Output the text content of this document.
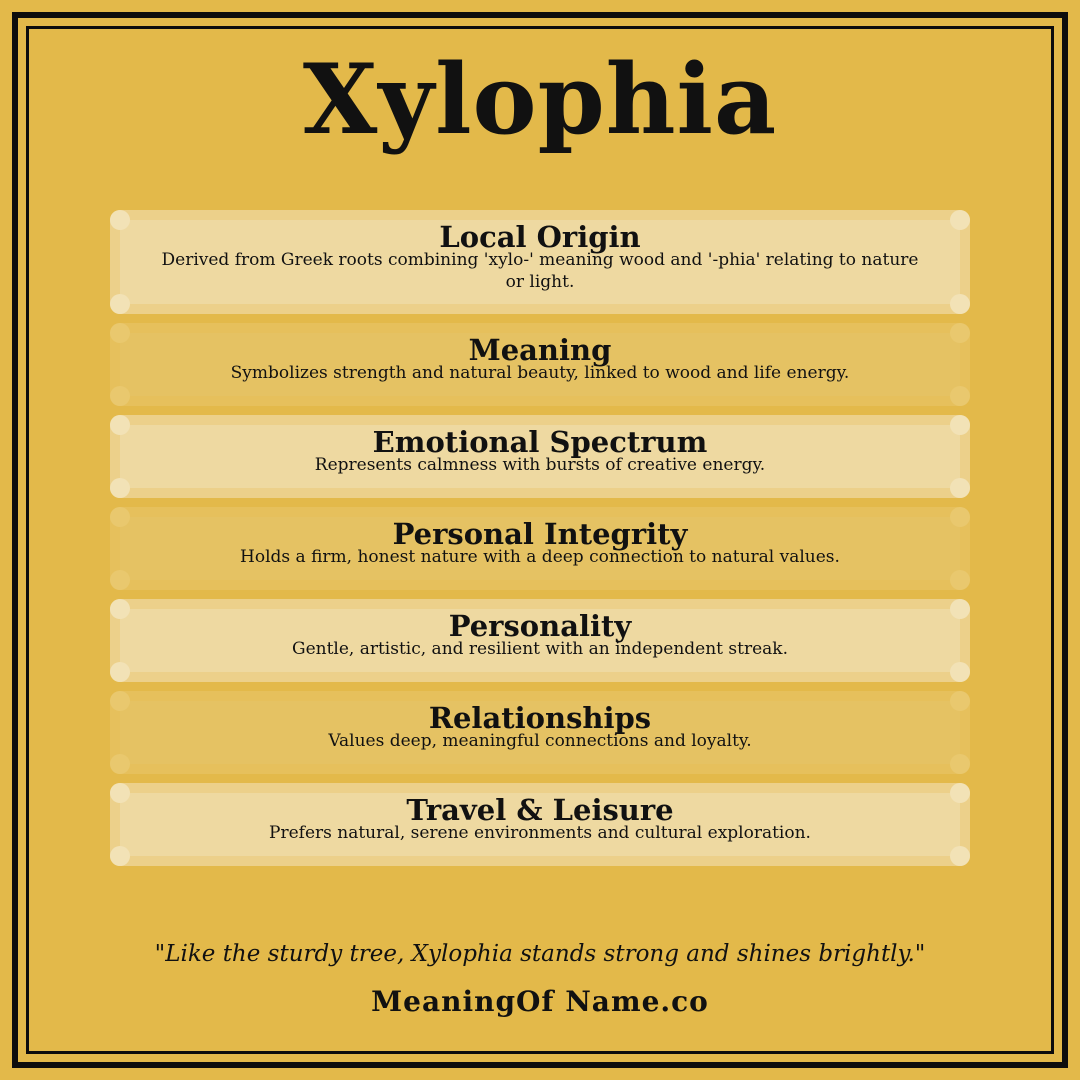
Xylophia
Local Origin
Derived from Greek roots combining 'xylo-' meaning wood and '-phia' relating to nature or light.
Meaning
Symbolizes strength and natural beauty, linked to wood and life energy.
Emotional Spectrum
Represents calmness with bursts of creative energy.
Personal Integrity
Holds a firm, honest nature with a deep connection to natural values.
Personality
Gentle, artistic, and resilient with an independent streak.
Relationships
Values deep, meaningful connections and loyalty.
Travel & Leisure
Prefers natural, serene environments and cultural exploration.
"Like the sturdy tree, Xylophia stands strong and shines brightly."
MeaningOf Name.co
